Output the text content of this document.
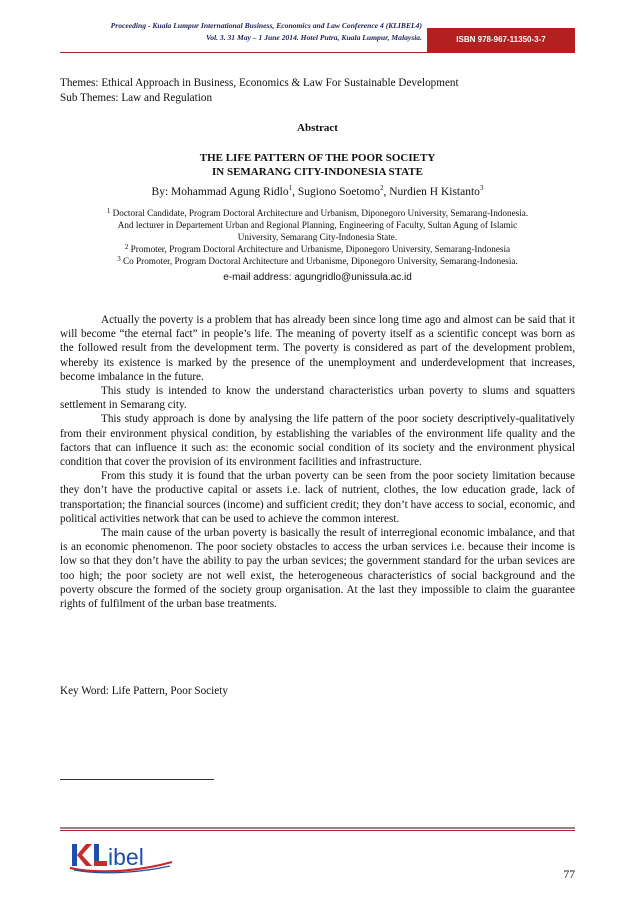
Proceeding - Kuala Lumpur International Business, Economics and Law Conference 4 (KLIBEL4)
Vol. 3. 31 May – 1 June 2014. Hotel Putra, Kuala Lumpur, Malaysia.	ISBN 978-967-11350-3-7
Themes: Ethical Approach in Business, Economics & Law For Sustainable Development
Sub Themes: Law and Regulation
Abstract
THE LIFE PATTERN OF THE POOR SOCIETY
IN SEMARANG CITY-INDONESIA STATE
By: Mohammad Agung Ridlo$^1$, Sugiono Soetomo$^2$, Nurdien H Kistanto$^3$
$^1$ Doctoral Candidate, Program Doctoral Architecture and Urbanism, Diponegoro University, Semarang-Indonesia.
And lecturer in Departement Urban and Regional Planning, Engineering of Faculty, Sultan Agung of Islamic
University, Semarang City-Indonesia State.
$^2$ Promoter, Program Doctoral Architecture and Urbanisme, Diponegoro University, Semarang-Indonesia
$^3$ Co Promoter, Program Doctoral Architecture and Urbanisme, Diponegoro University, Semarang-Indonesia.
e-mail address: agungridlo@unissula.ac.id

Actually the poverty is a problem that has already been since long time ago and almost can be said that it will become “the eternal fact” in people’s life. The meaning of poverty itself as a scientific concept was born as the followed result from the development term. The poverty is considered as part of the development problem, whereby its existence is marked by the presence of the unemployment and underdevelopment that increases, become imbalance in the future.

This study is intended to know the understand characteristics urban poverty to slums and squatters settlement in Semarang city.

This study approach is done by analysing the life pattern of the poor society descriptively-qualitatively from their environment physical condition, by establishing the variables of the environment life quality and the factors that can influence it such as: the economic social condition of its society and the environment physical condition that cover the provision of its environment facilities and infrastructure.

From this study it is found that the urban poverty can be seen from the poor society limitation because they don’t have the productive capital or assets i.e. lack of nutrient, clothes, the low education grade, lack of transportation; the financial sources (income) and sufficient credit; they don’t have access to social, economic, and political activities network that can be used to achieve the common interest.

The main cause of the urban poverty is basically the result of interregional economic imbalance, and that is an economic phenomenon. The poor society obstacles to access the urban services i.e. because their income is low so that they don’t have the ability to pay the urban sevices; the government standard for the urban sevices are too high; the poor society are not well exist, the heterogeneous characteristics of social background and the poverty obscure the formed of the society group organisation. At the last they impossible to claim the guarantee rights of fulfilment of the urban base treatments.

Key Word: Life Pattern, Poor Society
ibel
77
